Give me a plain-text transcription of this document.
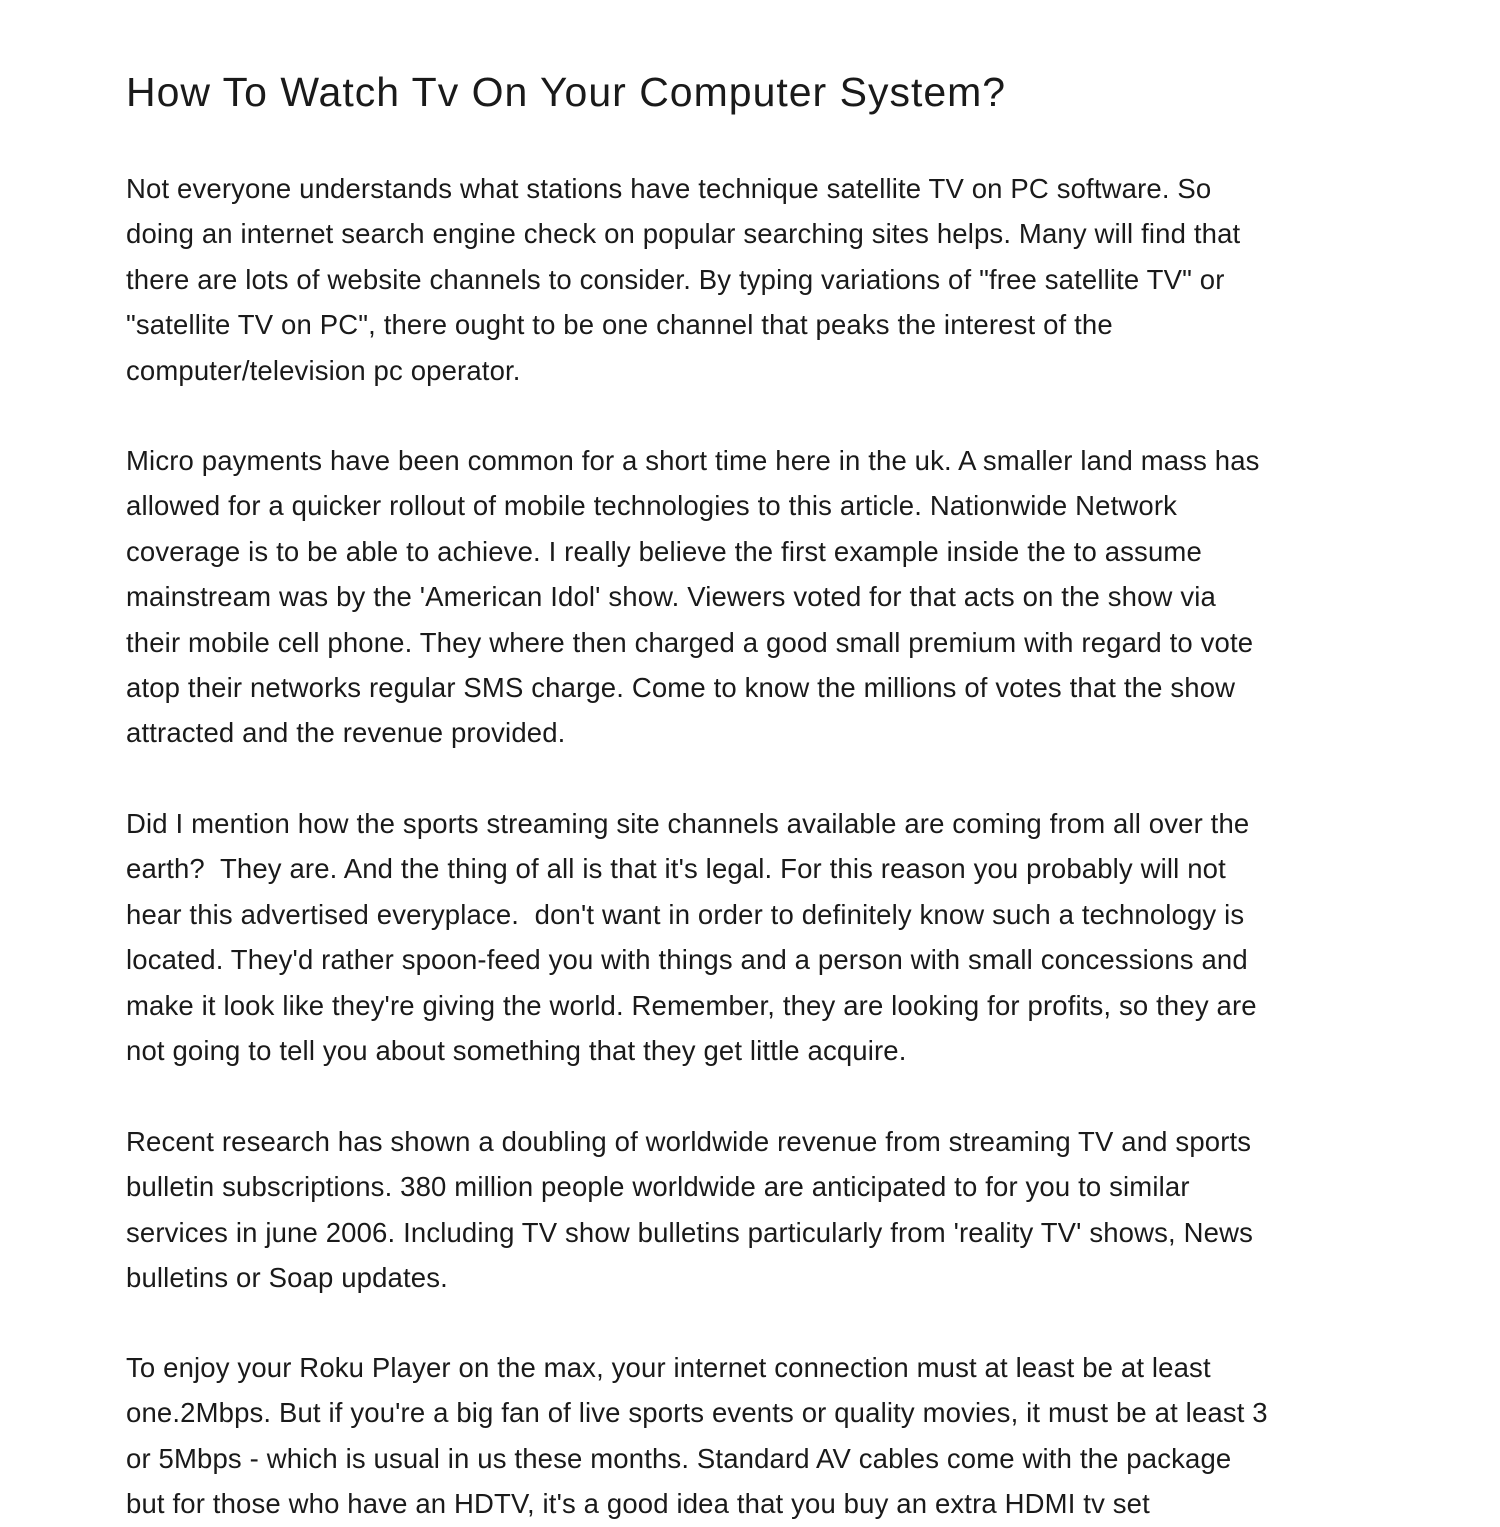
How To Watch Tv On Your Computer System?
Not everyone understands what stations have technique satellite TV on PC software. So
doing an internet search engine check on popular searching sites helps. Many will find that
there are lots of website channels to consider. By typing variations of "free satellite TV" or
"satellite TV on PC", there ought to be one channel that peaks the interest of the
computer/television pc operator.
Micro payments have been common for a short time here in the uk. A smaller land mass has
allowed for a quicker rollout of mobile technologies to this article. Nationwide Network
coverage is to be able to achieve. I really believe the first example inside the to assume
mainstream was by the 'American Idol' show. Viewers voted for that acts on the show via
their mobile cell phone. They where then charged a good small premium with regard to vote
atop their networks regular SMS charge. Come to know the millions of votes that the show
attracted and the revenue provided.
Did I mention how the sports streaming site channels available are coming from all over the
earth?  They are. And the thing of all is that it's legal. For this reason you probably will not
hear this advertised everyplace.  don't want in order to definitely know such a technology is
located. They'd rather spoon-feed you with things and a person with small concessions and
make it look like they're giving the world. Remember, they are looking for profits, so they are
not going to tell you about something that they get little acquire.
Recent research has shown a doubling of worldwide revenue from streaming TV and sports
bulletin subscriptions. 380 million people worldwide are anticipated to for you to similar
services in june 2006. Including TV show bulletins particularly from 'reality TV' shows, News
bulletins or Soap updates.
To enjoy your Roku Player on the max, your internet connection must at least be at least
one.2Mbps. But if you're a big fan of live sports events or quality movies, it must be at least 3
or 5Mbps - which is usual in us these months. Standard AV cables come with the package
but for those who have an HDTV, it's a good idea that you buy an extra HDMI tv set
